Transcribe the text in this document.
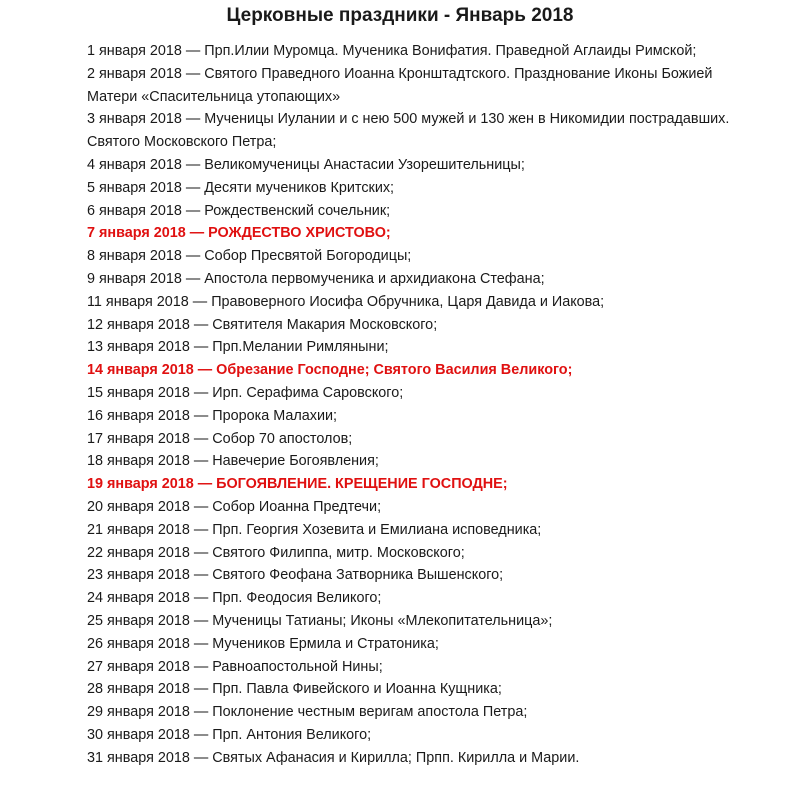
Церковные праздники - Январь 2018
1 января 2018 — Прп.Илии Муромца. Мученика Вонифатия. Праведной Аглаиды Римской;
2 января 2018 — Святого Праведного Иоанна Кронштадтского. Празднование Иконы Божией Матери «Спасительница утопающих»
3 января 2018 — Мученицы Иулании и с нею 500 мужей и 130 жен в Никомидии пострадавших. Святого Московского Петра;
4 января 2018 — Великомученицы Анастасии Узорешительницы;
5 января 2018 — Десяти мучеников Критских;
6 января 2018 — Рождественский сочельник;
7 января 2018 — РОЖДЕСТВО ХРИСТОВО;
8 января 2018 — Собор Пресвятой Богородицы;
9 января 2018 — Апостола первомученика и архидиакона Стефана;
11 января 2018 — Правоверного Иосифа Обручника, Царя Давида и Иакова;
12 января 2018 — Святителя Макария Московского;
13 января 2018 — Прп.Мелании Римляныни;
14 января 2018 — Обрезание Господне; Святого Василия Великого;
15 января 2018 — Ирп. Серафима Саровского;
16 января 2018 — Пророка Малахии;
17 января 2018 — Собор 70 апостолов;
18 января 2018 — Навечерие Богоявления;
19 января 2018 — БОГОЯВЛЕНИЕ. КРЕЩЕНИЕ ГОСПОДНЕ;
20 января 2018 — Собор Иоанна Предтечи;
21 января 2018 — Прп. Георгия Хозевита и Емилиана исповедника;
22 января 2018 — Святого Филиппа, митр. Московского;
23 января 2018 — Святого Феофана Затворника Вышенского;
24 января 2018 — Прп. Феодосия Великого;
25 января 2018 — Мученицы Татианы; Иконы «Млекопитательница»;
26 января 2018 — Мучеников Ермила и Стратоника;
27 января 2018 — Равноапостольной Нины;
28 января 2018 — Прп. Павла Фивейского и Иоанна Кущника;
29 января 2018 — Поклонение честным веригам апостола Петра;
30 января 2018 — Прп. Антония Великого;
31 января 2018 — Святых Афанасия и Кирилла; Прпп. Кирилла и Марии.
